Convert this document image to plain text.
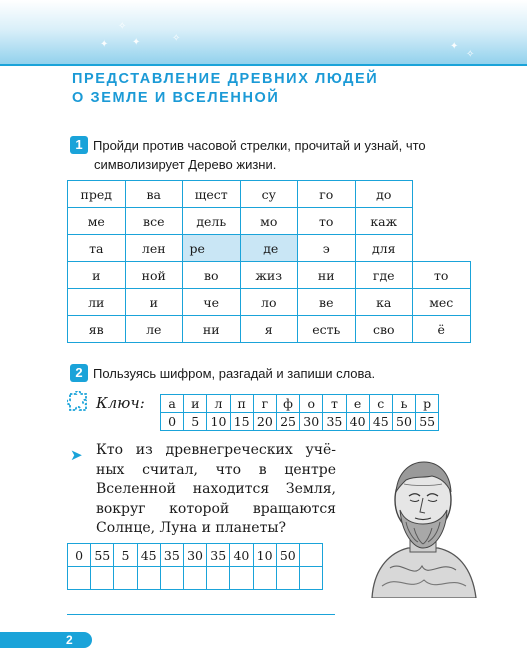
✦
✧
✦	✧
✦
✧
ПРЕДСТАВЛЕНИЕ ДРЕВНИХ ЛЮДЕЙ
О ЗЕМЛЕ И ВСЕЛЕННОЙ
1 Пройди против часовой стрелки, прочитай и узнай, что
символизирует Дерево жизни.
пред	ва	щест	су	го	до	
ме	все	дель	мо	то	каж	
та	лен	ре	де	э	для	
и	ной	во	жиз	ни	где	то
ли	и	че	ло	ве	ка	мес
яв	ле	ни	я	есть	сво	ё
2 Пользуясь шифром, разгадай и запиши слова.
Ключ: а	и	л	п	г	ф	о	т	е	с	ь	р
0	5	10	15	20	25	30	35	40	45	50	55
➤ Кто из древнегреческих учё-
ных считал, что в центре
Вселенной находится Земля,
вокруг которой вращаются
Солнце, Луна и планеты?
0	55	5	45	35	30	35	40	10	50	

2
